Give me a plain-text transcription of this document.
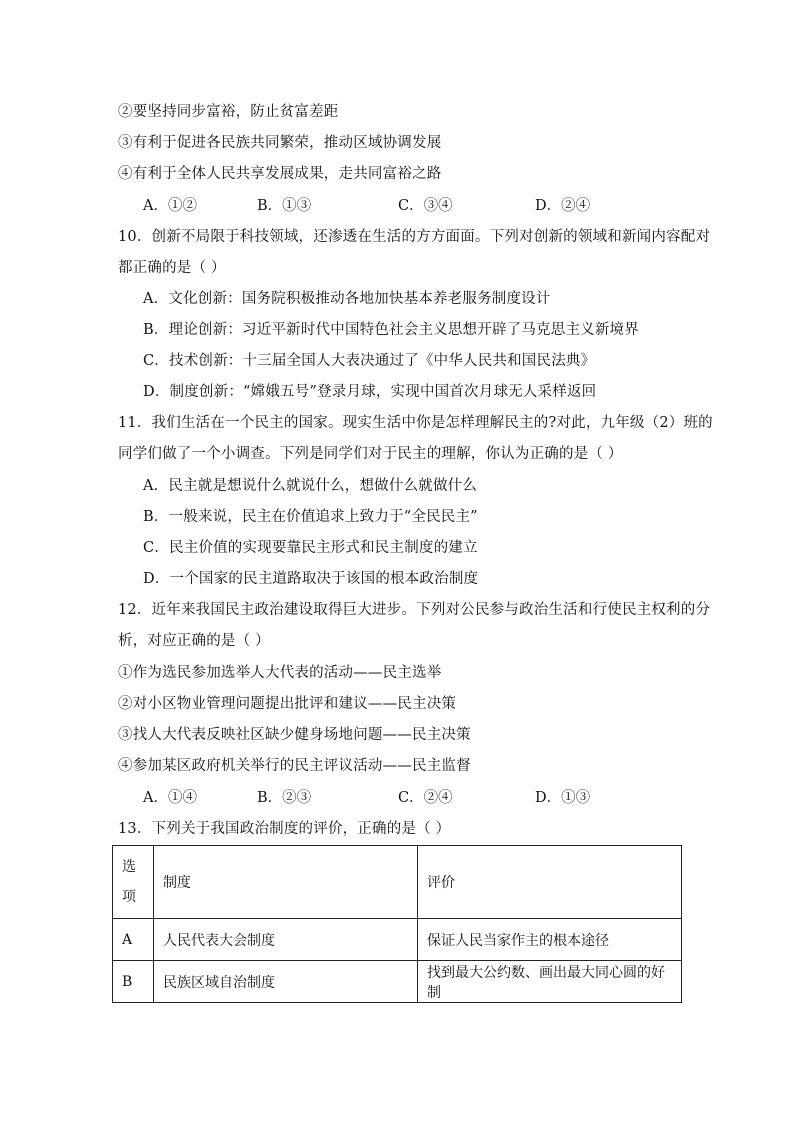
②要坚持同步富裕，防止贫富差距
③有利于促进各民族共同繁荣，推动区域协调发展
④有利于全体人民共享发展成果，走共同富裕之路
A．①②	B．①③	C．③④	D．②④
10．创新不局限于科技领域，还渗透在生活的方方面面。下列对创新的领域和新闻内容配对
都正确的是（ ）
A．文化创新：国务院积极推动各地加快基本养老服务制度设计
B．理论创新：习近平新时代中国特色社会主义思想开辟了马克思主义新境界
C．技术创新：十三届全国人大表决通过了《中华人民共和国民法典》
D．制度创新：“嫦娥五号”登录月球，实现中国首次月球无人采样返回
11．我们生活在一个民主的国家。现实生活中你是怎样理解民主的?对此，九年级（2）班的
同学们做了一个小调查。下列是同学们对于民主的理解，你认为正确的是（ ）
A．民主就是想说什么就说什么，想做什么就做什么
B．一般来说，民主在价值追求上致力于“全民民主”
C．民主价值的实现要靠民主形式和民主制度的建立
D．一个国家的民主道路取决于该国的根本政治制度
12．近年来我国民主政治建设取得巨大进步。下列对公民参与政治生活和行使民主权利的分
析，对应正确的是（ ）
①作为选民参加选举人大代表的活动——民主选举
②对小区物业管理问题提出批评和建议——民主决策
③找人大代表反映社区缺少健身场地问题——民主决策
④参加某区政府机关举行的民主评议活动——民主监督
A．①④	B．②③	C．②④	D．①③
13．下列关于我国政治制度的评价，正确的是（ ）
选
项	制度	评价
A	人民代表大会制度	保证人民当家作主的根本途径
B	民族区域自治制度	找到最大公约数、画出最大同心圆的好制
